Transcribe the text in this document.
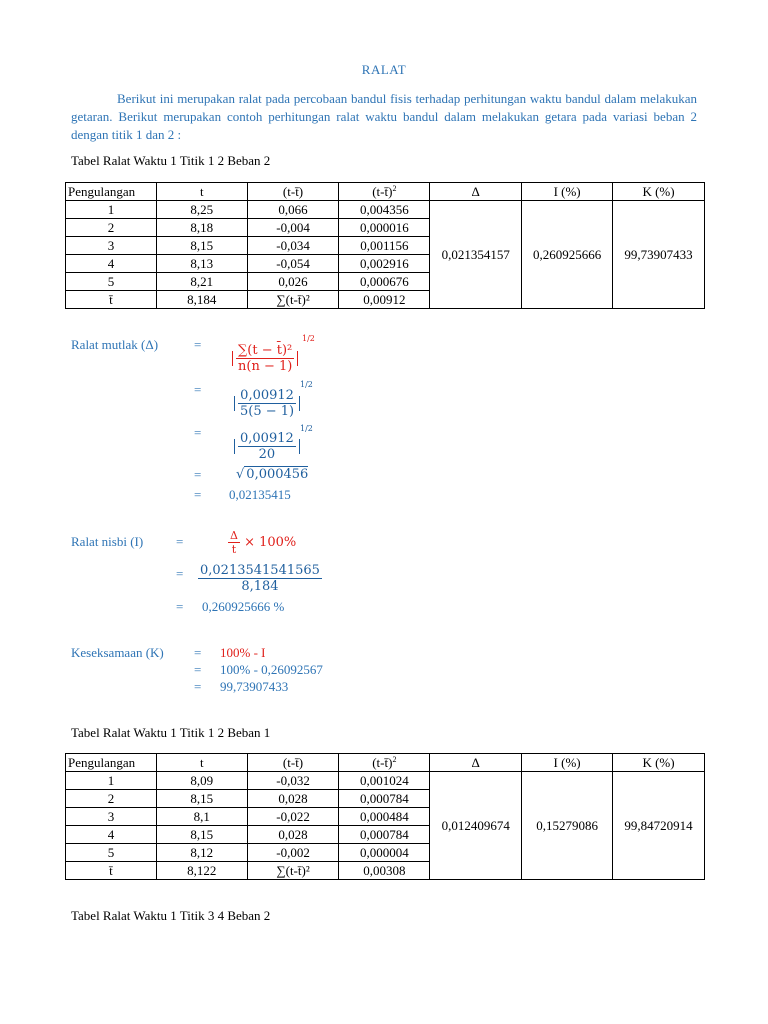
RALAT
Berikut ini merupakan ralat pada percobaan bandul fisis terhadap perhitungan waktu bandul dalam melakukan getaran. Berikut merupakan contoh perhitungan ralat waktu bandul dalam melakukan getara pada variasi beban 2 dengan titik 1 dan 2 :
Tabel Ralat Waktu 1 Titik 1 2 Beban 2
Pengulangan	t	(t-t̄)	(t-t̄)$^2$	Δ	I (%)	K (%)
1	8,25	0,066	0,004356	0,021354157	0,260925666	99,73907433
2	8,18	-0,004	0,000016			
3	8,15	-0,034	0,001156			
4	8,13	-0,054	0,002916			
5	8,21	0,026	0,000676			
t̄	8,184	∑(t-t̄)²	0,00912			
Ralat mutlak (Δ)	=	$\frac{\text{∑(t − t̄)²}}{n(n - 1)}$
1/2
=	$\frac{0,00912}{5(5 - 1)}$
1/2
=	$\frac{0,00912}{20}$
1/2
=	√ 0,000456
= 0,02135415
Ralat nisbi (I)	=	$\frac{\Delta}{t̄} \times 100\%$
= $\frac{0,0213541541565}{8,184}$
= 0,260925666 %
Keseksamaan (K) = 100% - I
= 100% - 0,26092567
= 99,73907433
Tabel Ralat Waktu 1 Titik 1 2 Beban 1
Pengulangan	t	(t-t̄)	(t-t̄)$^2$	Δ	I (%)	K (%)
1	8,09	-0,032	0,001024	0,012409674	0,15279086	99,84720914
2	8,15	0,028	0,000784			
3	8,1	-0,022	0,000484			
4	8,15	0,028	0,000784			
5	8,12	-0,002	0,000004			
t̄	8,122	∑(t-t̄)²	0,00308			
Tabel Ralat Waktu 1 Titik 3 4 Beban 2
